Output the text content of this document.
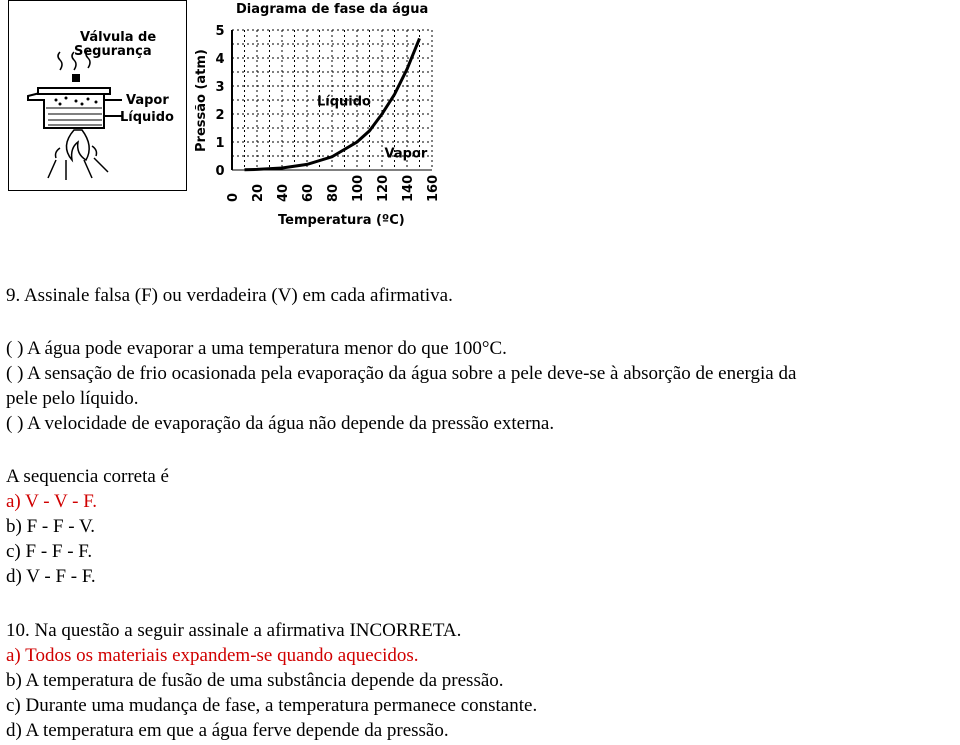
Válvula de
Segurança
Vapor
Líquido
Diagrama de fase da água
Pressão (atm)
Temperatura (ºC)
0
1
2
3
4
5
0 20 40 60 80 100 120 140 160
Líquido
Vapor
9. Assinale falsa (F) ou verdadeira (V) em cada afirmativa.
( ) A água pode evaporar a uma temperatura menor do que 100°C.
( ) A sensação de frio ocasionada pela evaporação da água sobre a pele deve-se à absorção de energia da
pele pelo líquido.
( ) A velocidade de evaporação da água não depende da pressão externa.
A sequencia correta é
a) V - V - F.
b) F - F - V.
c) F - F - F.
d) V - F - F.
10. Na questão a seguir assinale a afirmativa INCORRETA.
a) Todos os materiais expandem-se quando aquecidos.
b) A temperatura de fusão de uma substância depende da pressão.
c) Durante uma mudança de fase, a temperatura permanece constante.
d) A temperatura em que a água ferve depende da pressão.
